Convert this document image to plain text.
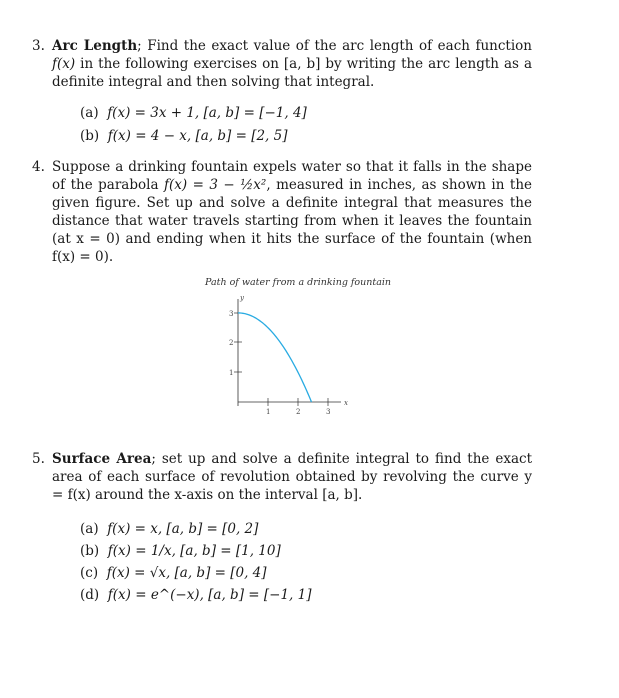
3. Arc Length; Find the exact value of the arc length of each function f(x) in the following exercises on [a, b] by writing the arc length as a definite integral and then solving that integral.

(a) f(x) = 3x + 1, [a, b] = [−1, 4]
(b) f(x) = 4 − x, [a, b] = [2, 5]
4. Suppose a drinking fountain expels water so that it falls in the shape of the parabola f(x) = 3 − ½x², measured in inches, as shown in the given figure. Set up and solve a definite integral that measures the distance that water travels starting from when it leaves the fountain (at x = 0) and ending when it hits the surface of the fountain (when f(x) = 0).

Path of water from a drinking fountain
y
x
3
2
1
1	2	3
5. Surface Area; set up and solve a definite integral to find the exact area of each surface of revolution obtained by revolving the curve y = f(x) around the x-axis on the interval [a, b].

(a) f(x) = x, [a, b] = [0, 2]
(b) f(x) = 1/x, [a, b] = [1, 10]
(c) f(x) = √x, [a, b] = [0, 4]
(d) f(x) = e^(−x), [a, b] = [−1, 1]
